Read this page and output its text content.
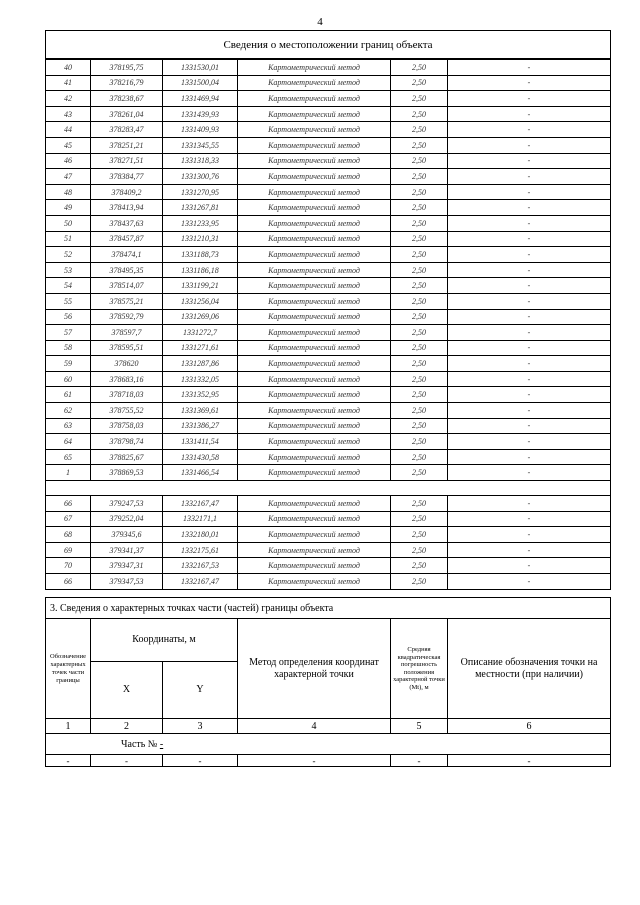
4
Сведения о местоположении границ объекта					
40	378195,75	1331530,01	Картометрический метод	2,50	-
41	378216,79	1331500,04	Картометрический метод	2,50	-
42	378238,67	1331469,94	Картометрический метод	2,50	-
43	378261,04	1331439,93	Картометрический метод	2,50	-
44	378283,47	1331409,93	Картометрический метод	2,50	-
45	378251,21	1331345,55	Картометрический метод	2,50	-
46	378271,51	1331318,33	Картометрический метод	2,50	-
47	378384,77	1331300,76	Картометрический метод	2,50	-
48	378409,2	1331270,95	Картометрический метод	2,50	-
49	378413,94	1331267,81	Картометрический метод	2,50	-
50	378437,63	1331233,95	Картометрический метод	2,50	-
51	378457,87	1331210,31	Картометрический метод	2,50	-
52	378474,1	1331188,73	Картометрический метод	2,50	-
53	378495,35	1331186,18	Картометрический метод	2,50	-
54	378514,07	1331199,21	Картометрический метод	2,50	-
55	378575,21	1331256,04	Картометрический метод	2,50	-
56	378592,79	1331269,06	Картометрический метод	2,50	-
57	378597,7	1331272,7	Картометрический метод	2,50	-
58	378595,51	1331271,61	Картометрический метод	2,50	-
59	378620	1331287,86	Картометрический метод	2,50	-
60	378683,16	1331332,05	Картометрический метод	2,50	-
61	378718,03	1331352,95	Картометрический метод	2,50	-
62	378755,52	1331369,61	Картометрический метод	2,50	-
63	378758,03	1331386,27	Картометрический метод	2,50	-
64	378798,74	1331411,54	Картометрический метод	2,50	-
65	378825,67	1331430,58	Картометрический метод	2,50	-
1	378869,53	1331466,54	Картометрический метод	2,50	-

66	379247,53	1332167,47	Картометрический метод	2,50	-
67	379252,04	1332171,1	Картометрический метод	2,50	-
68	379345,6	1332180,01	Картометрический метод	2,50	-
69	379341,37	1332175,61	Картометрический метод	2,50	-
70	379347,31	1332167,53	Картометрический метод	2,50	-
66	379347,53	1332167,47	Картометрический метод	2,50	-
3. Сведения о характерных точках части (частей) границы объекта					
Обозначение характерных точек части границы	Координаты, м		Метод определения координат характерной точки	Средняя квадратическая погрешность положения характерной точки (Mt), м	Описание обозначения точки на местности (при наличии)
	X	Y			
1	2	3	4	5	6
Часть № -					
-	-	-	-	-	-
